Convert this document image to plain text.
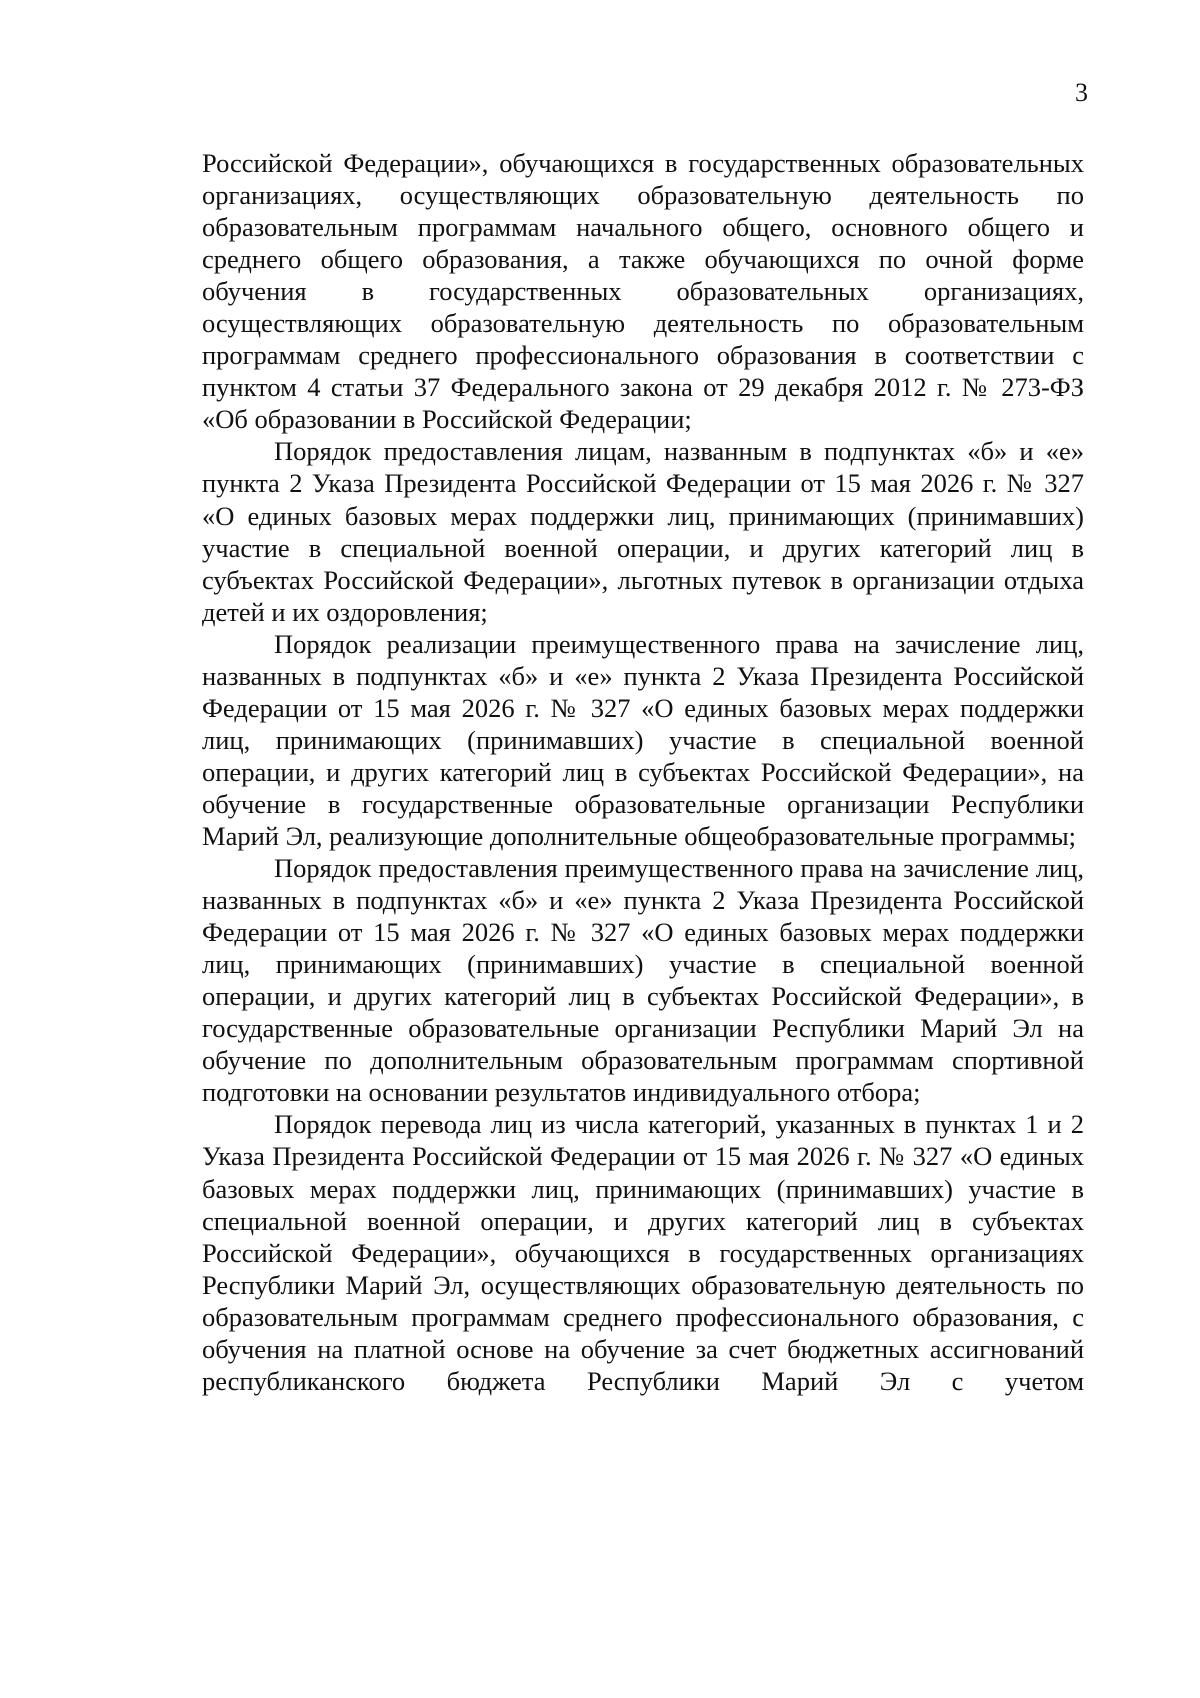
3

Российской Федерации», обучающихся в государственных образовательных организациях, осуществляющих образовательную деятельность по образовательным программам начального общего, основного общего и среднего общего образования, а также обучающихся по очной форме обучения в государственных образовательных организациях, осуществляющих образовательную деятельность по образовательным программам среднего профессионального образования в соответствии с пунктом 4 статьи 37 Федерального закона от 29 декабря 2012 г. № 273-ФЗ «Об образовании в Российской Федерации;

Порядок предоставления лицам, названным в подпунктах «б» и «е» пункта 2 Указа Президента Российской Федерации от 15 мая 2026 г. № 327 «О единых базовых мерах поддержки лиц, принимающих (принимавших) участие в специальной военной операции, и других категорий лиц в субъектах Российской Федерации», льготных путевок в организации отдыха детей и их оздоровления;

Порядок реализации преимущественного права на зачисление лиц, названных в подпунктах «б» и «е» пункта 2 Указа Президента Российской Федерации от 15 мая 2026 г. № 327 «О единых базовых мерах поддержки лиц, принимающих (принимавших) участие в специальной военной операции, и других категорий лиц в субъектах Российской Федерации», на обучение в государственные образовательные организации Республики Марий Эл, реализующие дополнительные общеобразовательные программы;

Порядок предоставления преимущественного права на зачисление лиц, названных в подпунктах «б» и «е» пункта 2 Указа Президента Российской Федерации от 15 мая 2026 г. № 327 «О единых базовых мерах поддержки лиц, принимающих (принимавших) участие в специальной военной операции, и других категорий лиц в субъектах Российской Федерации», в государственные образовательные организации Республики Марий Эл на обучение по дополнительным образовательным программам спортивной подготовки на основании результатов индивидуального отбора;

Порядок перевода лиц из числа категорий, указанных в пунктах 1 и 2 Указа Президента Российской Федерации от 15 мая 2026 г. № 327 «О единых базовых мерах поддержки лиц, принимающих (принимавших) участие в специальной военной операции, и других категорий лиц в субъектах Российской Федерации», обучающихся в государственных организациях Республики Марий Эл, осуществляющих образовательную деятельность по образовательным программам среднего профессионального образования, с обучения на платной основе на обучение за счет бюджетных ассигнований республиканского бюджета Республики Марий Эл с учетом
